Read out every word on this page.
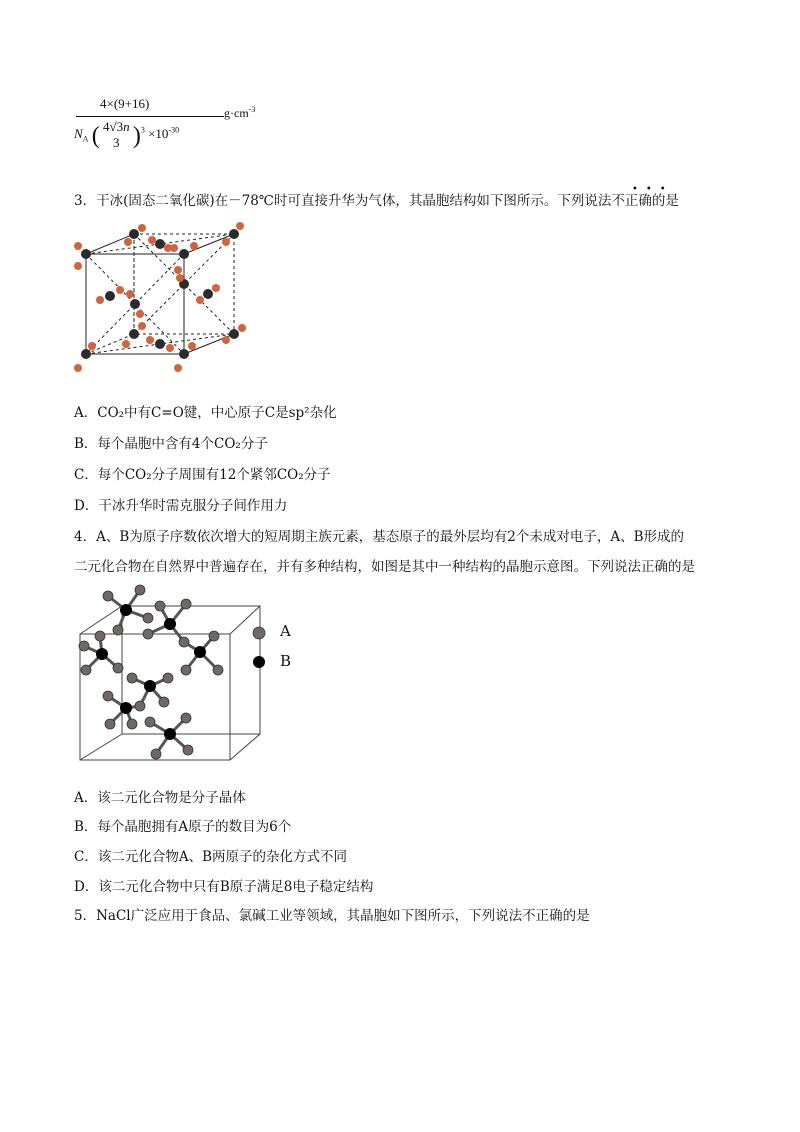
4×(9+16)
$N_A$ ( 4√3n
3 )$^3 \times 10^{-30}$
$g\cdot cm^{-3}$
3．干冰(固态二氧化碳)在－78℃时可直接升华为气体，其晶胞结构如下图所示。下列说法不正确的是
•••
A．CO₂中有C=O键，中心原子C是sp²杂化
B．每个晶胞中含有4个CO₂分子
C．每个CO₂分子周围有12个紧邻CO₂分子
D．干冰升华时需克服分子间作用力
4．A、B为原子序数依次增大的短周期主族元素，基态原子的最外层均有2个未成对电子，A、B形成的
二元化合物在自然界中普遍存在，并有多种结构，如图是其中一种结构的晶胞示意图。下列说法正确的是
A
B
A．该二元化合物是分子晶体
B．每个晶胞拥有A原子的数目为6个
C．该二元化合物A、B两原子的杂化方式不同
D．该二元化合物中只有B原子满足8电子稳定结构
5．NaCl广泛应用于食品、氯碱工业等领域，其晶胞如下图所示，下列说法不正确的是
